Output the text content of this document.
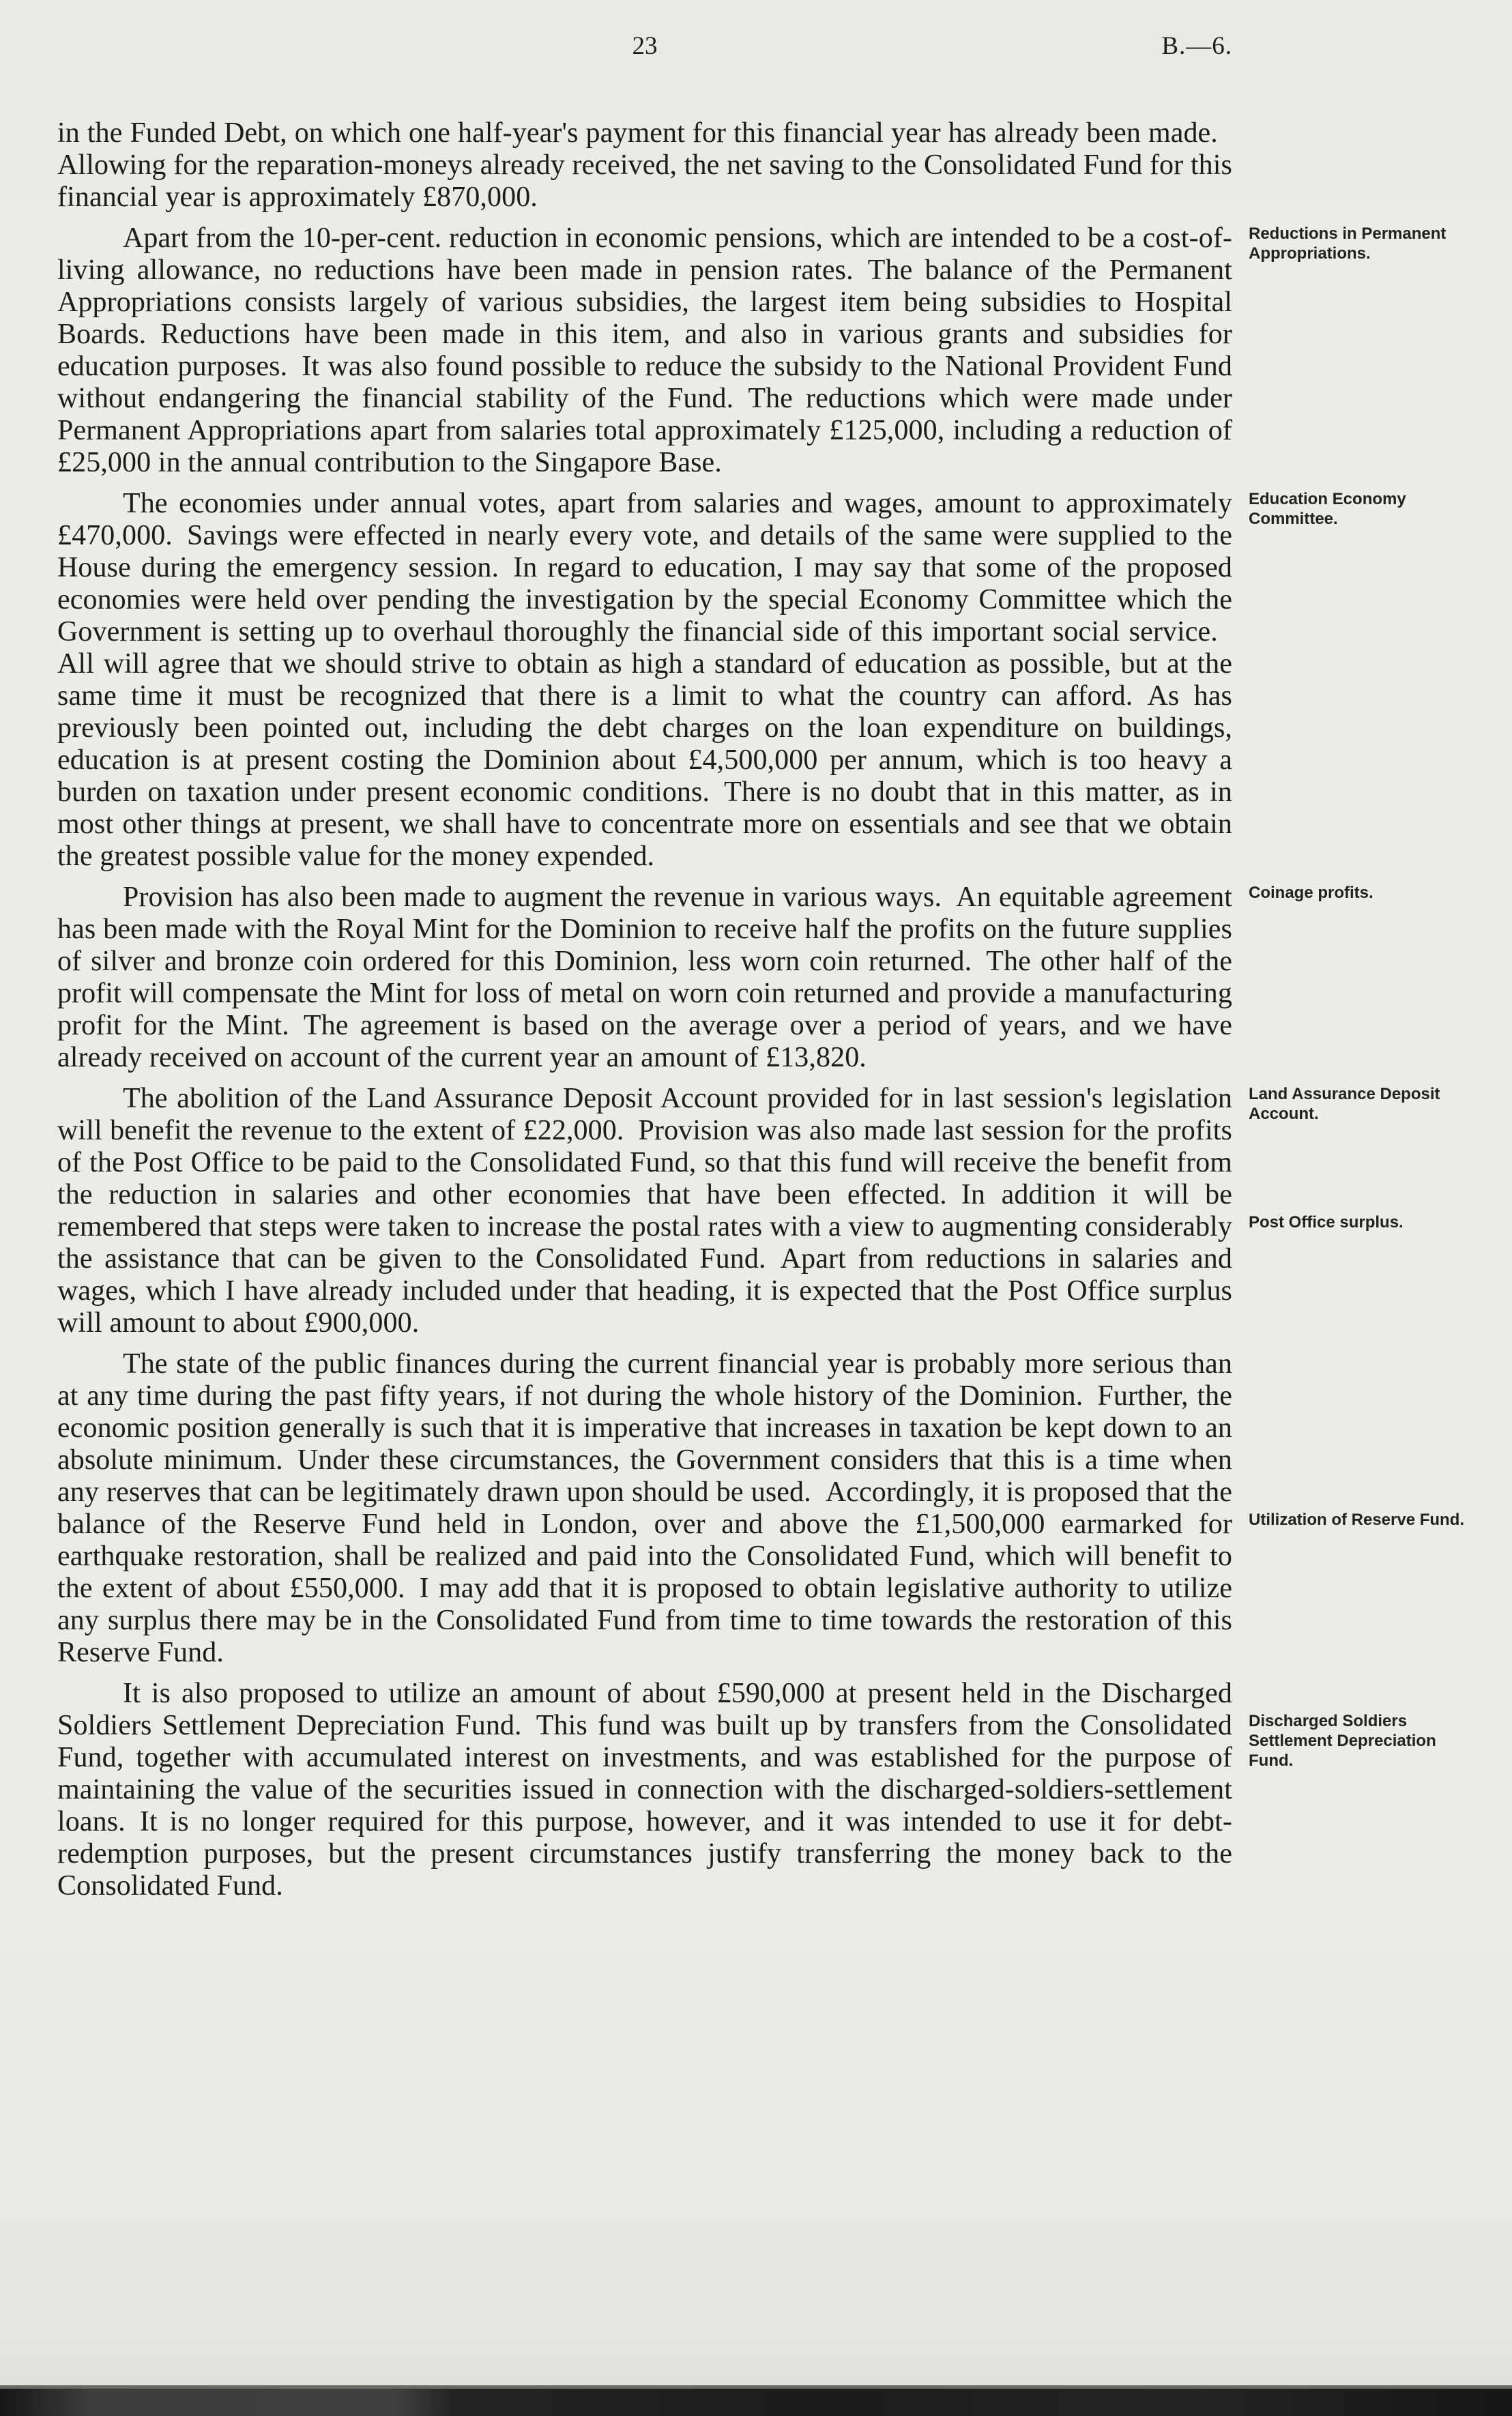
23	B.—6.

in the Funded Debt, on which one half-year's payment for this financial year has already been made. Allowing for the reparation-moneys already received, the net saving to the Consolidated Fund for this financial year is approximately £870,000.

Reductions in Permanent Appropriations.

Apart from the 10-per-cent. reduction in economic pensions, which are intended to be a cost-of-living allowance, no reductions have been made in pension rates. The balance of the Permanent Appropriations consists largely of various subsidies, the largest item being subsidies to Hospital Boards. Reductions have been made in this item, and also in various grants and subsidies for education purposes. It was also found possible to reduce the subsidy to the National Provident Fund without endangering the financial stability of the Fund. The reductions which were made under Permanent Appropriations apart from salaries total approximately £125,000, including a reduction of £25,000 in the annual contribution to the Singapore Base.

Education Economy Committee.

The economies under annual votes, apart from salaries and wages, amount to approximately £470,000. Savings were effected in nearly every vote, and details of the same were supplied to the House during the emergency session. In regard to education, I may say that some of the proposed economies were held over pending the investigation by the special Economy Committee which the Government is setting up to overhaul thoroughly the financial side of this important social service. All will agree that we should strive to obtain as high a standard of education as possible, but at the same time it must be recognized that there is a limit to what the country can afford. As has previously been pointed out, including the debt charges on the loan expenditure on buildings, education is at present costing the Dominion about £4,500,000 per annum, which is too heavy a burden on taxation under present economic conditions. There is no doubt that in this matter, as in most other things at present, we shall have to concentrate more on essentials and see that we obtain the greatest possible value for the money expended.

Coinage profits.

Provision has also been made to augment the revenue in various ways. An equitable agreement has been made with the Royal Mint for the Dominion to receive half the profits on the future supplies of silver and bronze coin ordered for this Dominion, less worn coin returned. The other half of the profit will compensate the Mint for loss of metal on worn coin returned and provide a manufacturing profit for the Mint. The agreement is based on the average over a period of years, and we have already received on account of the current year an amount of £13,820.

Land Assurance Deposit Account.
Post Office surplus.

The abolition of the Land Assurance Deposit Account provided for in last session's legislation will benefit the revenue to the extent of £22,000. Provision was also made last session for the profits of the Post Office to be paid to the Consolidated Fund, so that this fund will receive the benefit from the reduction in salaries and other economies that have been effected. In addition it will be remembered that steps were taken to increase the postal rates with a view to augmenting considerably the assistance that can be given to the Consolidated Fund. Apart from reductions in salaries and wages, which I have already included under that heading, it is expected that the Post Office surplus will amount to about £900,000.

Utilization of Reserve Fund.

The state of the public finances during the current financial year is probably more serious than at any time during the past fifty years, if not during the whole history of the Dominion. Further, the economic position generally is such that it is imperative that increases in taxation be kept down to an absolute minimum. Under these circumstances, the Government considers that this is a time when any reserves that can be legitimately drawn upon should be used. Accordingly, it is proposed that the balance of the Reserve Fund held in London, over and above the £1,500,000 earmarked for earthquake restoration, shall be realized and paid into the Consolidated Fund, which will benefit to the extent of about £550,000. I may add that it is proposed to obtain legislative authority to utilize any surplus there may be in the Consolidated Fund from time to time towards the restoration of this Reserve Fund.

Discharged Soldiers Settlement Depreciation Fund.

It is also proposed to utilize an amount of about £590,000 at present held in the Discharged Soldiers Settlement Depreciation Fund. This fund was built up by transfers from the Consolidated Fund, together with accumulated interest on investments, and was established for the purpose of maintaining the value of the securities issued in connection with the discharged-soldiers-settlement loans. It is no longer required for this purpose, however, and it was intended to use it for debt-redemption purposes, but the present circumstances justify transferring the money back to the Consolidated Fund.
